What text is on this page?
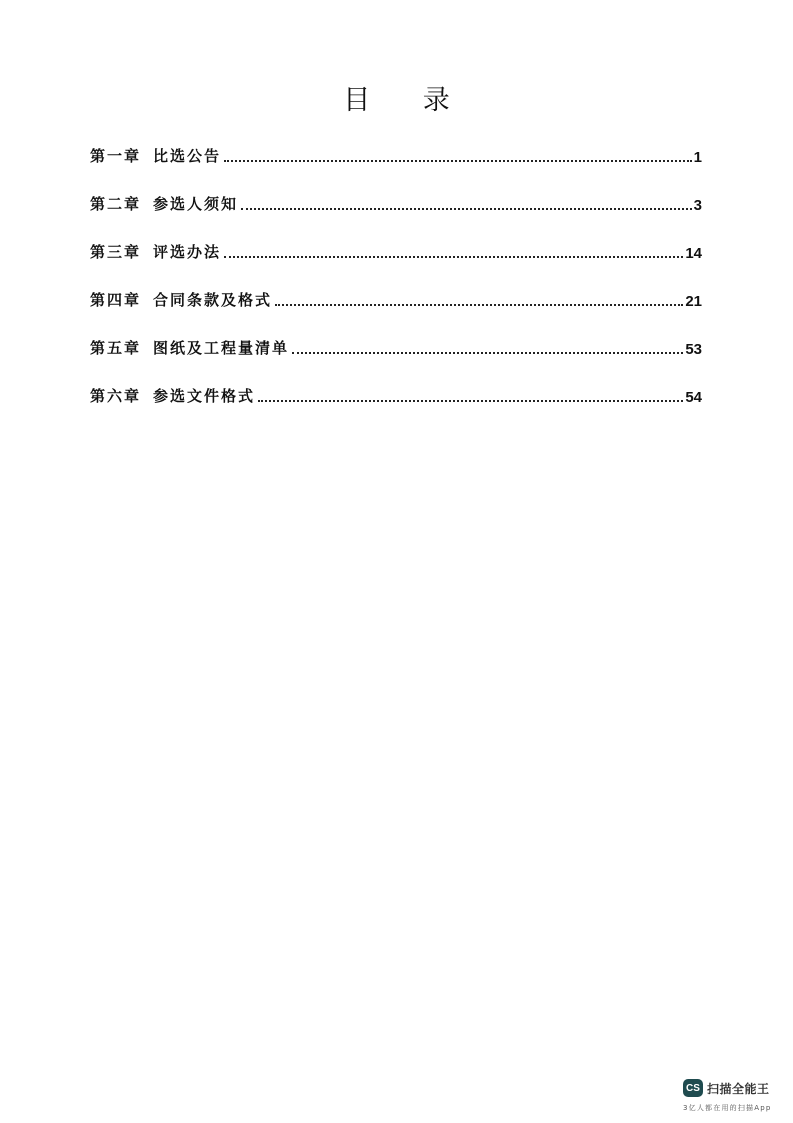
目 录
第一章 比选公告	1
第二章 参选人须知	3
第三章 评选办法	14
第四章 合同条款及格式	21
第五章 图纸及工程量清单	53
第六章 参选文件格式	54
CS 扫描全能王
3亿人都在用的扫描App
